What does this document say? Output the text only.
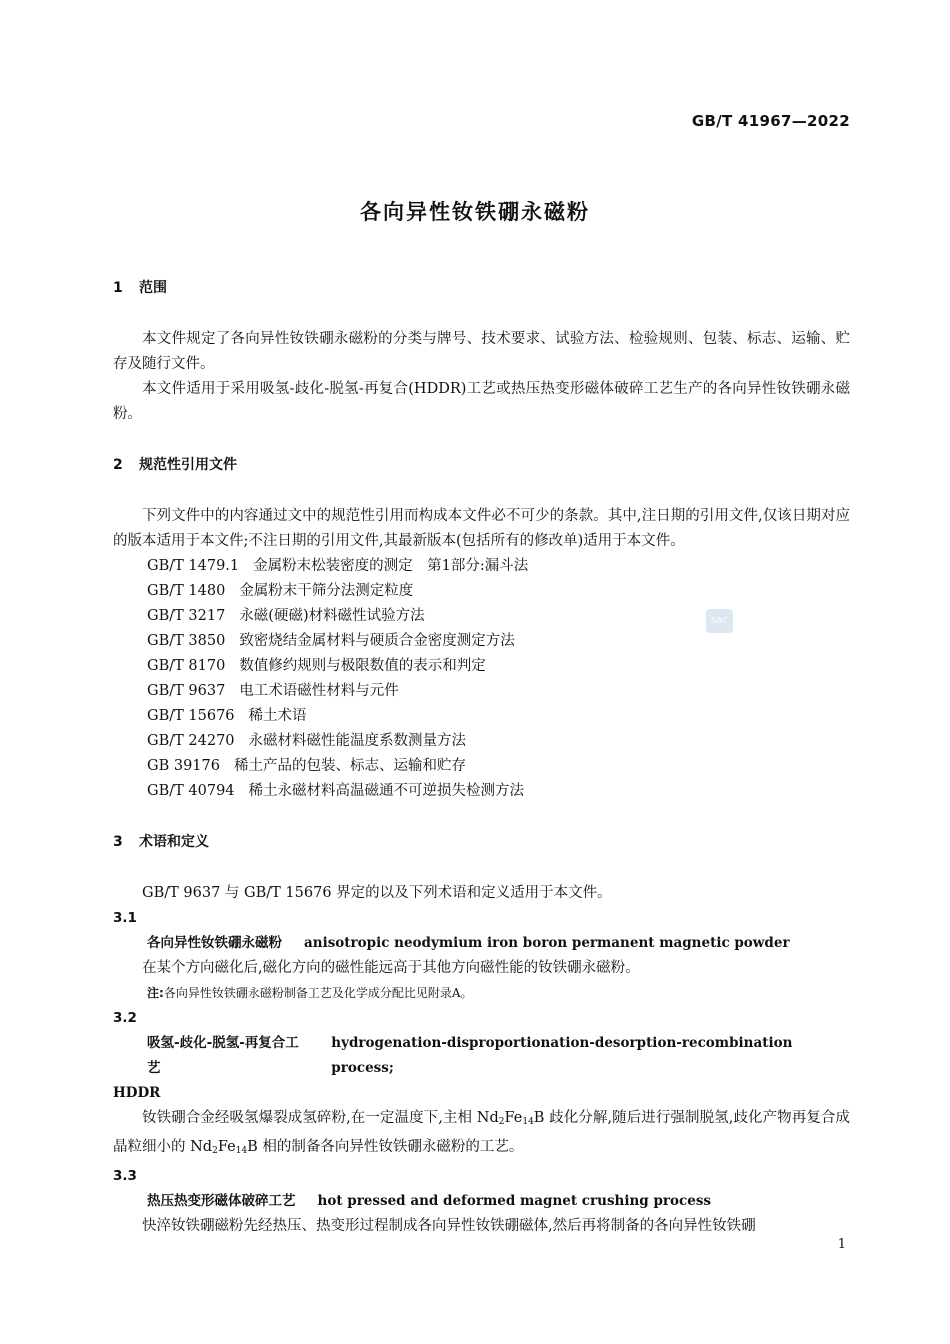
GB/T 41967—2022
各向异性钕铁硼永磁粉
SAC
1 范围

本文件规定了各向异性钕铁硼永磁粉的分类与牌号、技术要求、试验方法、检验规则、包装、标志、运输、贮存及随行文件。

本文件适用于采用吸氢-歧化-脱氢-再复合(HDDR)工艺或热压热变形磁体破碎工艺生产的各向异性钕铁硼永磁粉。

2 规范性引用文件

下列文件中的内容通过文中的规范性引用而构成本文件必不可少的条款。其中,注日期的引用文件,仅该日期对应的版本适用于本文件;不注日期的引用文件,其最新版本(包括所有的修改单)适用于本文件。

GB/T 1479.1 金属粉末松装密度的测定　第1部分:漏斗法
GB/T 1480 金属粉末干筛分法测定粒度
GB/T 3217 永磁(硬磁)材料磁性试验方法
GB/T 3850 致密烧结金属材料与硬质合金密度测定方法
GB/T 8170 数值修约规则与极限数值的表示和判定
GB/T 9637 电工术语磁性材料与元件
GB/T 15676 稀土术语
GB/T 24270 永磁材料磁性能温度系数测量方法
GB 39176 稀土产品的包装、标志、运输和贮存
GB/T 40794 稀土永磁材料高温磁通不可逆损失检测方法
3 术语和定义

GB/T 9637 与 GB/T 15676 界定的以及下列术语和定义适用于本文件。

3.1
各向异性钕铁硼永磁粉 anisotropic neodymium iron boron permanent magnetic powder

在某个方向磁化后,磁化方向的磁性能远高于其他方向磁性能的钕铁硼永磁粉。

注:各向异性钕铁硼永磁粉制备工艺及化学成分配比见附录A。
3.2
吸氢-歧化-脱氢-再复合工艺
hydrogenation-disproportionation-desorption-recombination process;
HDDR

钕铁硼合金经吸氢爆裂成氢碎粉,在一定温度下,主相 $Nd_2Fe_{14}B$ 歧化分解,随后进行强制脱氢,歧化产物再复合成晶粒细小的 $Nd_2Fe_{14}B$ 相的制备各向异性钕铁硼永磁粉的工艺。

3.3
热压热变形磁体破碎工艺 hot pressed and deformed magnet crushing process

快淬钕铁硼磁粉先经热压、热变形过程制成各向异性钕铁硼磁体,然后再将制备的各向异性钕铁硼

1
